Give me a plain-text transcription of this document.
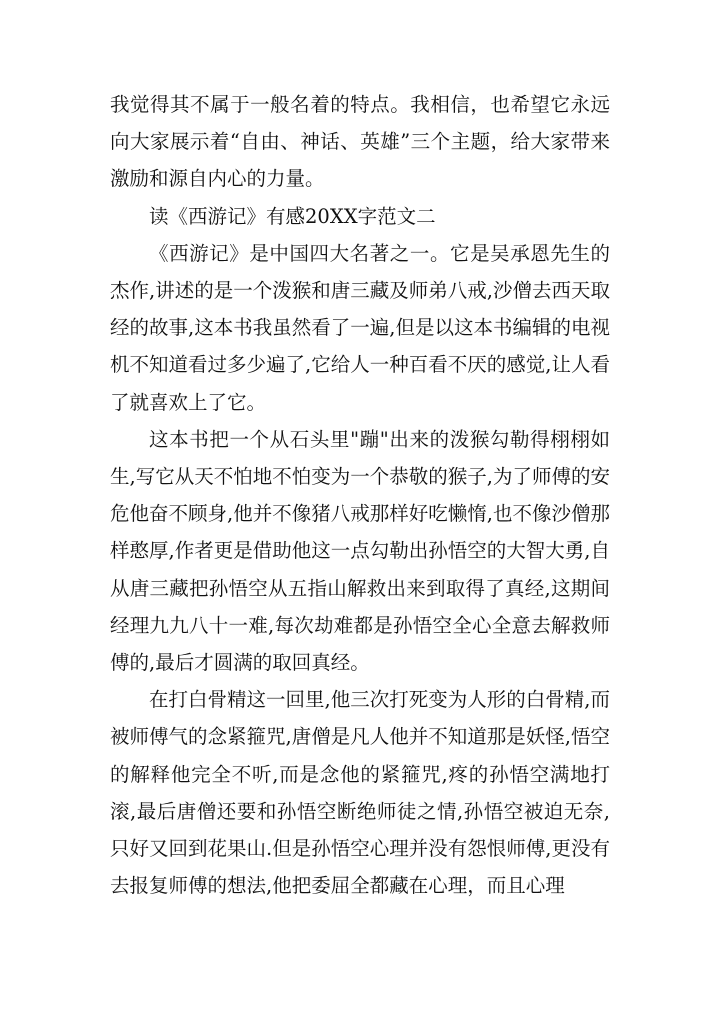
我觉得其不属于一般名着的特点。我相信，也希望它永远向大家展示着“自由、神话、英雄”三个主题，给大家带来激励和源自内心的力量。

读《西游记》有感20XX字范文二

《西游记》是中国四大名著之一。它是吴承恩先生的杰作,讲述的是一个泼猴和唐三藏及师弟八戒,沙僧去西天取经的故事,这本书我虽然看了一遍,但是以这本书编辑的电视机不知道看过多少遍了,它给人一种百看不厌的感觉,让人看了就喜欢上了它。

这本书把一个从石头里"蹦"出来的泼猴勾勒得栩栩如生,写它从天不怕地不怕变为一个恭敬的猴子,为了师傅的安危他奋不顾身,他并不像猪八戒那样好吃懒惰,也不像沙僧那样憨厚,作者更是借助他这一点勾勒出孙悟空的大智大勇,自从唐三藏把孙悟空从五指山解救出来到取得了真经,这期间经理九九八十一难,每次劫难都是孙悟空全心全意去解救师傅的,最后才圆满的取回真经。

在打白骨精这一回里,他三次打死变为人形的白骨精,而被师傅气的念紧箍咒,唐僧是凡人他并不知道那是妖怪,悟空的解释他完全不听,而是念他的紧箍咒,疼的孙悟空满地打滚,最后唐僧还要和孙悟空断绝师徒之情,孙悟空被迫无奈,只好又回到花果山.但是孙悟空心理并没有怨恨师傅,更没有去报复师傅的想法,他把委屈全都藏在心理，而且心理
